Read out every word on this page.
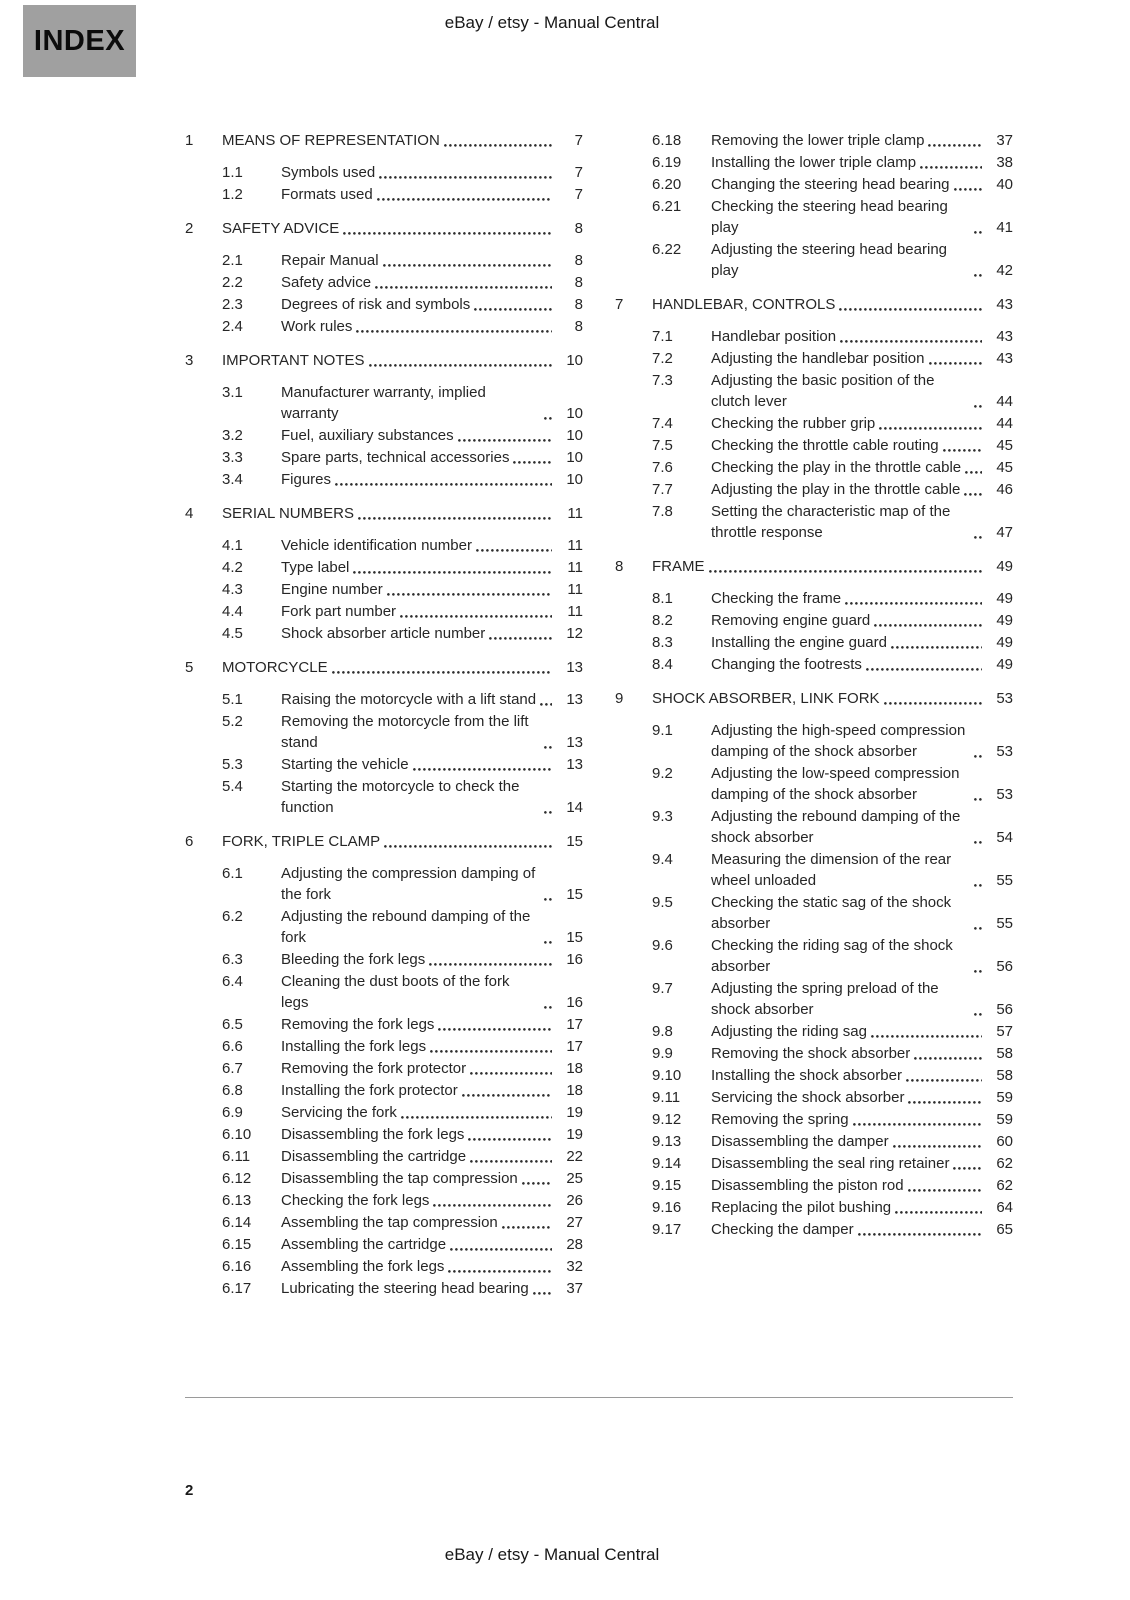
INDEX
eBay / etsy - Manual Central
1	MEANS OF REPRESENTATION	7
1.1	Symbols used	7
1.2	Formats used	7
2	SAFETY ADVICE	8
2.1	Repair Manual	8
2.2	Safety advice	8
2.3	Degrees of risk and symbols	8
2.4	Work rules	8
3	IMPORTANT NOTES	10
3.1	Manufacturer warranty, implied warranty	10
3.2	Fuel, auxiliary substances	10
3.3	Spare parts, technical accessories	10
3.4	Figures	10
4	SERIAL NUMBERS	11
4.1	Vehicle identification number	11
4.2	Type label	11
4.3	Engine number	11
4.4	Fork part number	11
4.5	Shock absorber article number	12
5	MOTORCYCLE	13
5.1	Raising the motorcycle with a lift stand	13
5.2	Removing the motorcycle from the lift stand	13
5.3	Starting the vehicle	13
5.4	Starting the motorcycle to check the function	14
6	FORK, TRIPLE CLAMP	15
6.1	Adjusting the compression damping of the fork	15
6.2	Adjusting the rebound damping of the fork	15
6.3	Bleeding the fork legs	16
6.4	Cleaning the dust boots of the fork legs	16
6.5	Removing the fork legs	17
6.6	Installing the fork legs	17
6.7	Removing the fork protector	18
6.8	Installing the fork protector	18
6.9	Servicing the fork	19
6.10	Disassembling the fork legs	19
6.11	Disassembling the cartridge	22
6.12	Disassembling the tap compression	25
6.13	Checking the fork legs	26
6.14	Assembling the tap compression	27
6.15	Assembling the cartridge	28
6.16	Assembling the fork legs	32
6.17	Lubricating the steering head bearing	37
6.18	Removing the lower triple clamp	37
6.19	Installing the lower triple clamp	38
6.20	Changing the steering head bearing	40
6.21	Checking the steering head bearing play	41
6.22	Adjusting the steering head bearing play	42
7	HANDLEBAR, CONTROLS	43
7.1	Handlebar position	43
7.2	Adjusting the handlebar position	43
7.3	Adjusting the basic position of the clutch lever	44
7.4	Checking the rubber grip	44
7.5	Checking the throttle cable routing	45
7.6	Checking the play in the throttle cable	45
7.7	Adjusting the play in the throttle cable	46
7.8	Setting the characteristic map of the throttle response	47
8	FRAME	49
8.1	Checking the frame	49
8.2	Removing engine guard	49
8.3	Installing the engine guard	49
8.4	Changing the footrests	49
9	SHOCK ABSORBER, LINK FORK	53
9.1	Adjusting the high-speed compression damping of the shock absorber	53
9.2	Adjusting the low-speed compression damping of the shock absorber	53
9.3	Adjusting the rebound damping of the shock absorber	54
9.4	Measuring the dimension of the rear wheel unloaded	55
9.5	Checking the static sag of the shock absorber	55
9.6	Checking the riding sag of the shock absorber	56
9.7	Adjusting the spring preload of the shock absorber	56
9.8	Adjusting the riding sag	57
9.9	Removing the shock absorber	58
9.10	Installing the shock absorber	58
9.11	Servicing the shock absorber	59
9.12	Removing the spring	59
9.13	Disassembling the damper	60
9.14	Disassembling the seal ring retainer	62
9.15	Disassembling the piston rod	62
9.16	Replacing the pilot bushing	64
9.17	Checking the damper	65
2
eBay / etsy - Manual Central
